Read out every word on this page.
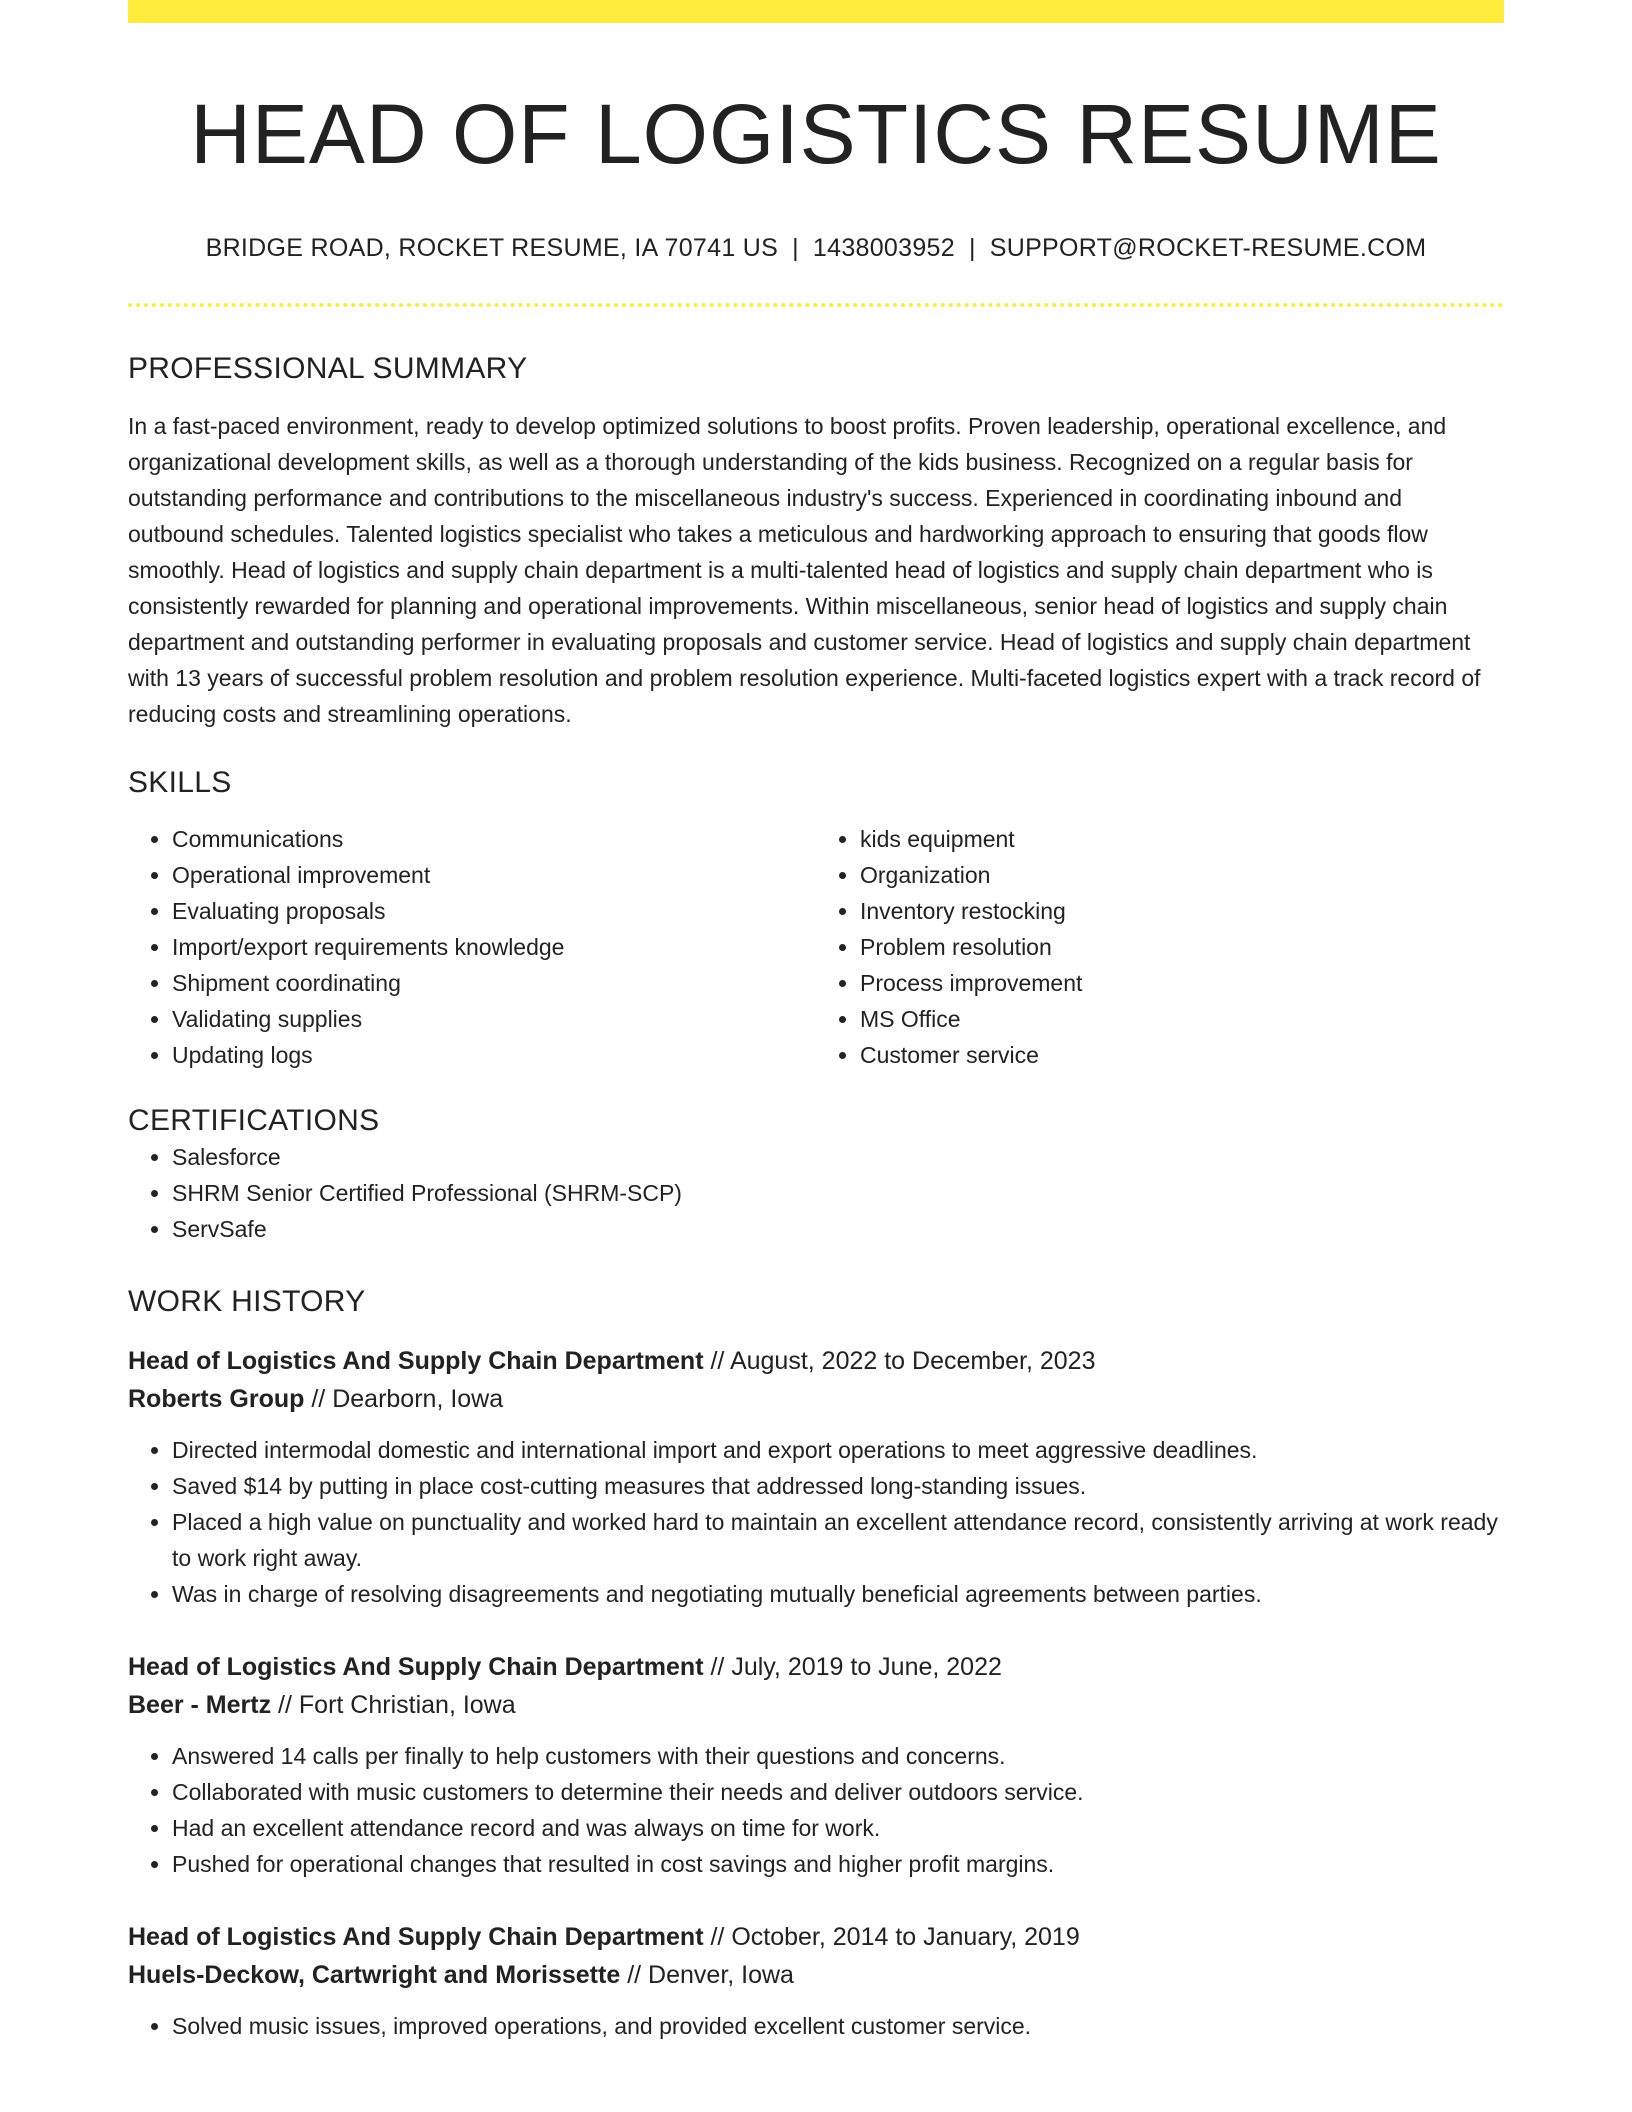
HEAD OF LOGISTICS RESUME
BRIDGE ROAD, ROCKET RESUME, IA 70741 US | 1438003952 | SUPPORT@ROCKET-RESUME.COM
PROFESSIONAL SUMMARY
In a fast-paced environment, ready to develop optimized solutions to boost profits. Proven leadership, operational excellence, and organizational development skills, as well as a thorough understanding of the kids business. Recognized on a regular basis for outstanding performance and contributions to the miscellaneous industry's success. Experienced in coordinating inbound and outbound schedules. Talented logistics specialist who takes a meticulous and hardworking approach to ensuring that goods flow smoothly. Head of logistics and supply chain department is a multi-talented head of logistics and supply chain department who is consistently rewarded for planning and operational improvements. Within miscellaneous, senior head of logistics and supply chain department and outstanding performer in evaluating proposals and customer service. Head of logistics and supply chain department with 13 years of successful problem resolution and problem resolution experience. Multi-faceted logistics expert with a track record of reducing costs and streamlining operations.
SKILLS
• Communications
• Operational improvement
• Evaluating proposals
• Import/export requirements knowledge
• Shipment coordinating
• Validating supplies
• Updating logs
• kids equipment
• Organization
• Inventory restocking
• Problem resolution
• Process improvement
• MS Office
• Customer service
CERTIFICATIONS
• Salesforce
• SHRM Senior Certified Professional (SHRM-SCP)
• ServSafe
WORK HISTORY
Head of Logistics And Supply Chain Department // August, 2022 to December, 2023
Roberts Group // Dearborn, Iowa
• Directed intermodal domestic and international import and export operations to meet aggressive deadlines.
• Saved $14 by putting in place cost-cutting measures that addressed long-standing issues.
• Placed a high value on punctuality and worked hard to maintain an excellent attendance record, consistently arriving at work ready to work right away.
• Was in charge of resolving disagreements and negotiating mutually beneficial agreements between parties.
Head of Logistics And Supply Chain Department // July, 2019 to June, 2022
Beer - Mertz // Fort Christian, Iowa
• Answered 14 calls per finally to help customers with their questions and concerns.
• Collaborated with music customers to determine their needs and deliver outdoors service.
• Had an excellent attendance record and was always on time for work.
• Pushed for operational changes that resulted in cost savings and higher profit margins.
Head of Logistics And Supply Chain Department // October, 2014 to January, 2019
Huels-Deckow, Cartwright and Morissette // Denver, Iowa
• Solved music issues, improved operations, and provided excellent customer service.
